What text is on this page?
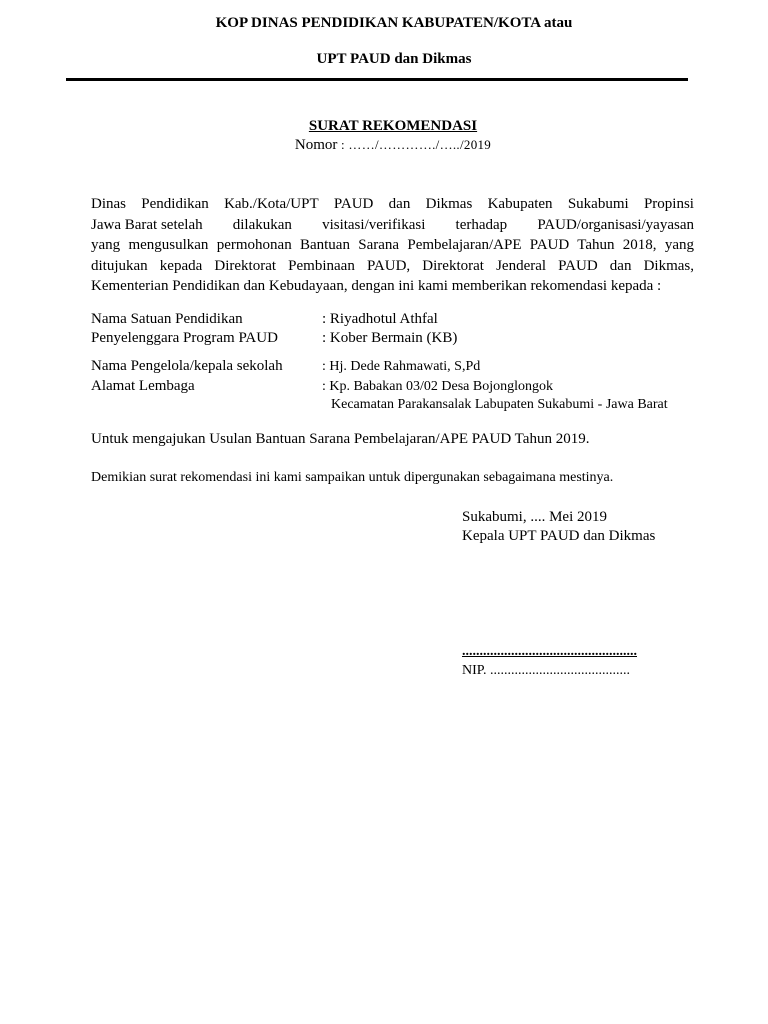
KOP DINAS PENDIDIKAN KABUPATEN/KOTA atau
UPT PAUD dan Dikmas
SURAT REKOMENDASI
Nomor : ……/…………./…../2019
Dinas Pendidikan Kab./Kota/UPT PAUD dan Dikmas Kabupaten Sukabumi Propinsi
Jawa Barat setelah dilakukan visitasi/verifikasi terhadap PAUD/organisasi/yayasan
yang mengusulkan permohonan Bantuan Sarana Pembelajaran/APE PAUD Tahun 2018, yang
ditujukan kepada Direktorat Pembinaan PAUD, Direktorat Jenderal PAUD dan Dikmas,
Kementerian Pendidikan dan Kebudayaan, dengan ini kami memberikan rekomendasi kepada :
Nama Satuan Pendidikan	: Riyadhotul Athfal
Penyelenggara Program PAUD	: Kober Bermain (KB)
Nama Pengelola/kepala sekolah	: Hj. Dede Rahmawati, S,Pd
Alamat Lembaga	: Kp. Babakan 03/02 Desa Bojonglongok
Kecamatan Parakansalak Labupaten Sukabumi - Jawa Barat
Untuk mengajukan Usulan Bantuan Sarana Pembelajaran/APE PAUD Tahun 2019.
Demikian surat rekomendasi ini kami sampaikan untuk dipergunakan sebagaimana mestinya.
Sukabumi, .... Mei 2019
Kepala UPT PAUD dan Dikmas
..................................................
NIP. ........................................
